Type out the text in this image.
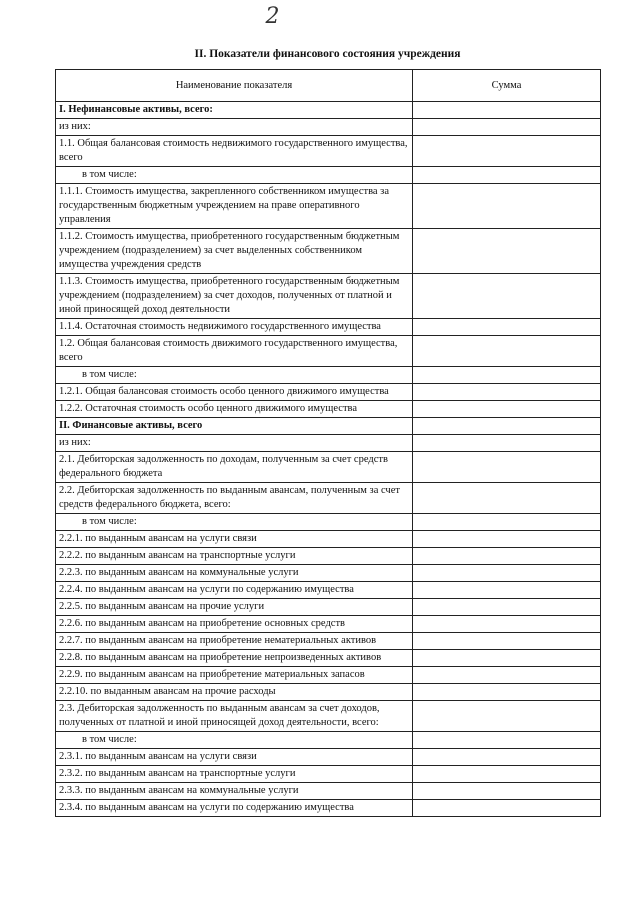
2
II. Показатели финансового состояния учреждения
Наименование показателя	Сумма
I. Нефинансовые активы, всего:	
из них:	
1.1. Общая балансовая стоимость недвижимого государственного имущества, всего	
в том числе:	
1.1.1. Стоимость имущества, закрепленного собственником имущества за государственным бюджетным учреждением на праве оперативного управления	
1.1.2. Стоимость имущества, приобретенного государственным бюджетным учреждением (подразделением) за счет выделенных собственником имущества учреждения средств	
1.1.3. Стоимость имущества, приобретенного государственным бюджетным учреждением (подразделением) за счет доходов, полученных от платной и иной приносящей доход деятельности	
1.1.4. Остаточная стоимость недвижимого государственного имущества	
1.2. Общая балансовая стоимость движимого государственного имущества, всего	
в том числе:	
1.2.1. Общая балансовая стоимость особо ценного движимого имущества	
1.2.2. Остаточная стоимость особо ценного движимого имущества	
II. Финансовые активы, всего	
из них:	
2.1. Дебиторская задолженность по доходам, полученным за счет средств федерального бюджета	
2.2. Дебиторская задолженность по выданным авансам, полученным за счет средств федерального бюджета, всего:	
в том числе:	
2.2.1. по выданным авансам на услуги связи	
2.2.2. по выданным авансам на транспортные услуги	
2.2.3. по выданным авансам на коммунальные услуги	
2.2.4. по выданным авансам на услуги по содержанию имущества	
2.2.5. по выданным авансам на прочие услуги	
2.2.6. по выданным авансам на приобретение основных средств	
2.2.7. по выданным авансам на приобретение нематериальных активов	
2.2.8. по выданным авансам на приобретение непроизведенных активов	
2.2.9. по выданным авансам на приобретение материальных запасов	
2.2.10. по выданным авансам на прочие расходы	
2.3. Дебиторская задолженность по выданным авансам за счет доходов, полученных от платной и иной приносящей доход деятельности, всего:	
в том числе:	
2.3.1. по выданным авансам на услуги связи	
2.3.2. по выданным авансам на транспортные услуги	
2.3.3. по выданным авансам на коммунальные услуги	
2.3.4. по выданным авансам на услуги по содержанию имущества	
